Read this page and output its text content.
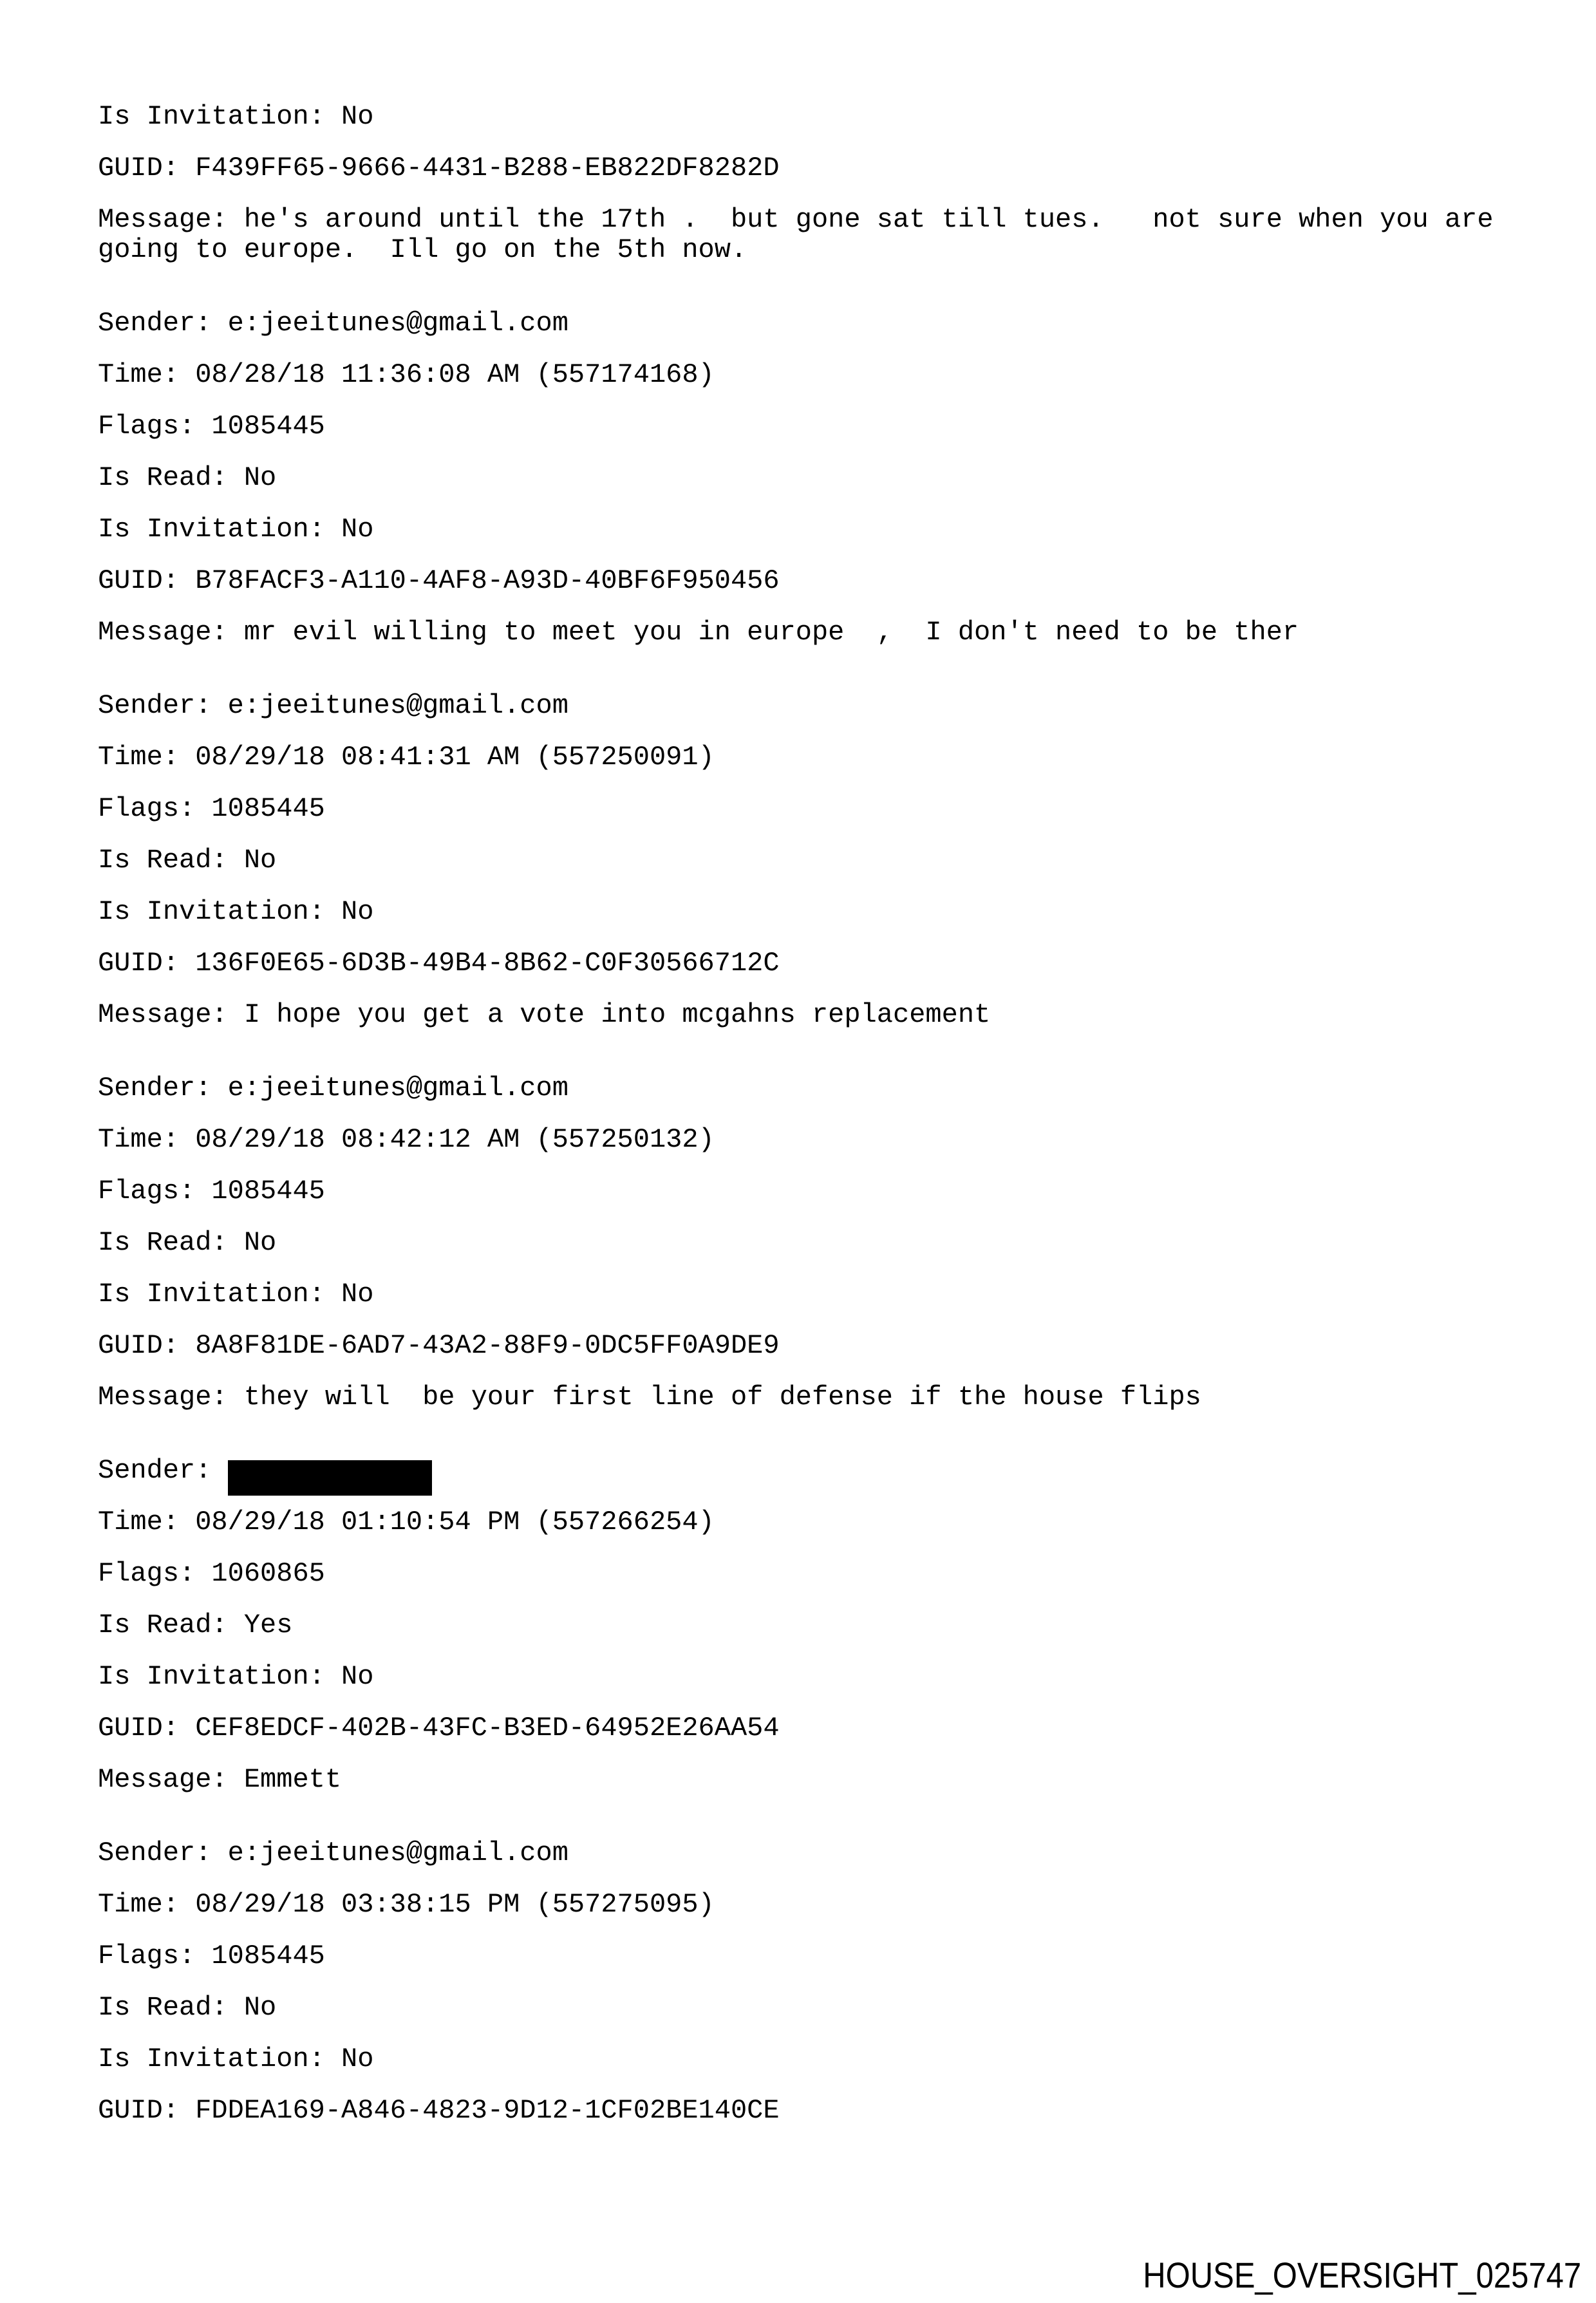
Is Invitation: No

GUID: F439FF65-9666-4431-B288-EB822DF8282D

Message: he's around until the 17th .  but gone sat till tues.   not sure when you are going to europe.  Ill go on the 5th now.

Sender: e:jeeitunes@gmail.com

Time: 08/28/18 11:36:08 AM (557174168)

Flags: 1085445

Is Read: No

Is Invitation: No

GUID: B78FACF3-A110-4AF8-A93D-40BF6F950456

Message: mr evil willing to meet you in europe  ,  I don't need to be ther

Sender: e:jeeitunes@gmail.com

Time: 08/29/18 08:41:31 AM (557250091)

Flags: 1085445

Is Read: No

Is Invitation: No

GUID: 136F0E65-6D3B-49B4-8B62-C0F30566712C

Message: I hope you get a vote into mcgahns replacement

Sender: e:jeeitunes@gmail.com

Time: 08/29/18 08:42:12 AM (557250132)

Flags: 1085445

Is Read: No

Is Invitation: No

GUID: 8A8F81DE-6AD7-43A2-88F9-0DC5FF0A9DE9

Message: they will  be your first line of defense if the house flips

Sender:

Time: 08/29/18 01:10:54 PM (557266254)

Flags: 1060865

Is Read: Yes

Is Invitation: No

GUID: CEF8EDCF-402B-43FC-B3ED-64952E26AA54

Message: Emmett

Sender: e:jeeitunes@gmail.com

Time: 08/29/18 03:38:15 PM (557275095)

Flags: 1085445

Is Read: No

Is Invitation: No

GUID: FDDEA169-A846-4823-9D12-1CF02BE140CE

HOUSE_OVERSIGHT_025747
